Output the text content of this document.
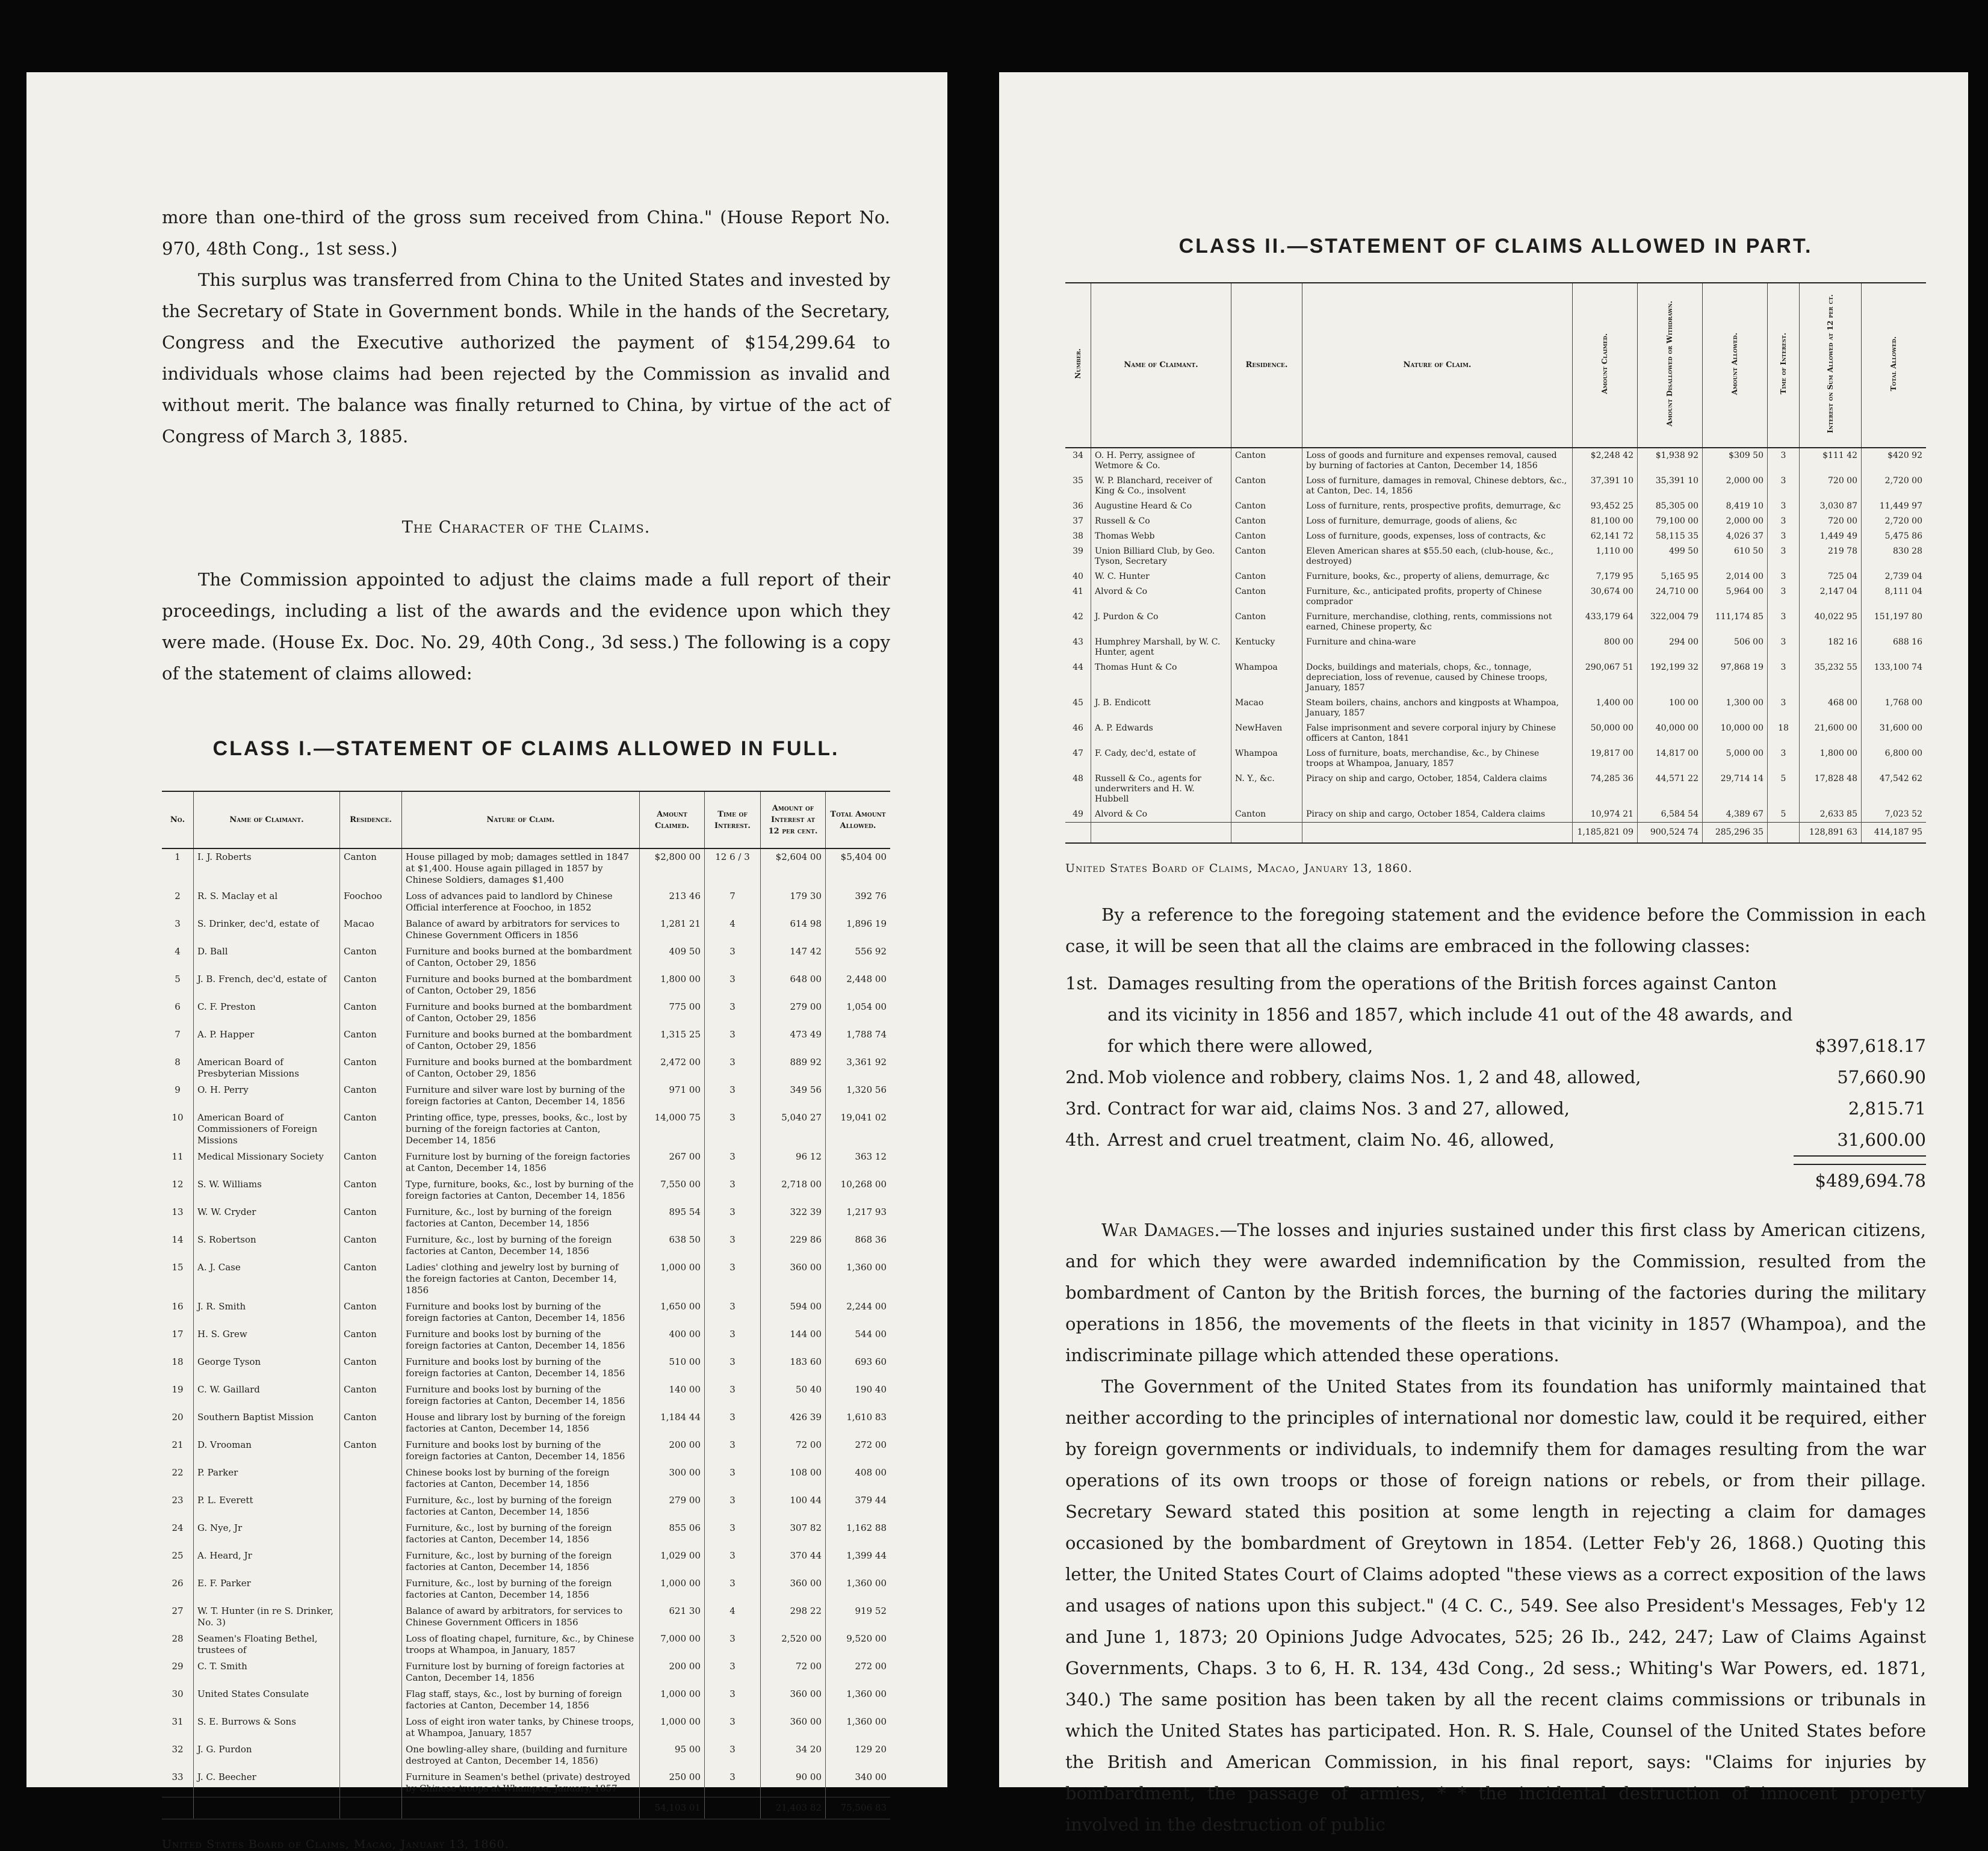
more than one-third of the gross sum received from China." (House Report No. 970, 48th Cong., 1st sess.)

This surplus was transferred from China to the United States and invested by the Secretary of State in Government bonds. While in the hands of the Secretary, Congress and the Executive authorized the payment of $154,299.64 to individuals whose claims had been rejected by the Commission as invalid and without merit. The balance was finally returned to China, by virtue of the act of Congress of March 3, 1885.

The Character of the Claims.

The Commission appointed to adjust the claims made a full report of their proceedings, including a list of the awards and the evidence upon which they were made. (House Ex. Doc. No. 29, 40th Cong., 3d sess.) The following is a copy of the statement of claims allowed:

CLASS I.—STATEMENT OF CLAIMS ALLOWED IN FULL.
No.	Name of Claimant.	Residence.	Nature of Claim.	Amount Claimed.	Time of Interest.	Amount of Interest at 12 per cent.	Total Amount Allowed.
1	I. J. Roberts	Canton	House pillaged by mob; damages settled in 1847 at $1,400. House again pillaged in 1857 by Chinese Soldiers, damages $1,400	$2,800 00	12 6 / 3	$2,604 00	$5,404 00
2	R. S. Maclay et al	Foochoo	Loss of advances paid to landlord by Chinese Official interference at Foochoo, in 1852	213 46	7	179 30	392 76
3	S. Drinker, dec'd, estate of	Macao	Balance of award by arbitrators for services to Chinese Government Officers in 1856	1,281 21	4	614 98	1,896 19
4	D. Ball	Canton	Furniture and books burned at the bombardment of Canton, October 29, 1856	409 50	3	147 42	556 92
5	J. B. French, dec'd, estate of	Canton	Furniture and books burned at the bombardment of Canton, October 29, 1856	1,800 00	3	648 00	2,448 00
6	C. F. Preston	Canton	Furniture and books burned at the bombardment of Canton, October 29, 1856	775 00	3	279 00	1,054 00
7	A. P. Happer	Canton	Furniture and books burned at the bombardment of Canton, October 29, 1856	1,315 25	3	473 49	1,788 74
8	American Board of Presbyterian Missions	Canton	Furniture and books burned at the bombardment of Canton, October 29, 1856	2,472 00	3	889 92	3,361 92
9	O. H. Perry	Canton	Furniture and silver ware lost by burning of the foreign factories at Canton, December 14, 1856	971 00	3	349 56	1,320 56
10	American Board of Commissioners of Foreign Missions	Canton	Printing office, type, presses, books, &c., lost by burning of the foreign factories at Canton, December 14, 1856	14,000 75	3	5,040 27	19,041 02
11	Medical Missionary Society	Canton	Furniture lost by burning of the foreign factories at Canton, December 14, 1856	267 00	3	96 12	363 12
12	S. W. Williams	Canton	Type, furniture, books, &c., lost by burning of the foreign factories at Canton, December 14, 1856	7,550 00	3	2,718 00	10,268 00
13	W. W. Cryder	Canton	Furniture, &c., lost by burning of the foreign factories at Canton, December 14, 1856	895 54	3	322 39	1,217 93
14	S. Robertson	Canton	Furniture, &c., lost by burning of the foreign factories at Canton, December 14, 1856	638 50	3	229 86	868 36
15	A. J. Case	Canton	Ladies' clothing and jewelry lost by burning of the foreign factories at Canton, December 14, 1856	1,000 00	3	360 00	1,360 00
16	J. R. Smith	Canton	Furniture and books lost by burning of the foreign factories at Canton, December 14, 1856	1,650 00	3	594 00	2,244 00
17	H. S. Grew	Canton	Furniture and books lost by burning of the foreign factories at Canton, December 14, 1856	400 00	3	144 00	544 00
18	George Tyson	Canton	Furniture and books lost by burning of the foreign factories at Canton, December 14, 1856	510 00	3	183 60	693 60
19	C. W. Gaillard	Canton	Furniture and books lost by burning of the foreign factories at Canton, December 14, 1856	140 00	3	50 40	190 40
20	Southern Baptist Mission	Canton	House and library lost by burning of the foreign factories at Canton, December 14, 1856	1,184 44	3	426 39	1,610 83
21	D. Vrooman	Canton	Furniture and books lost by burning of the foreign factories at Canton, December 14, 1856	200 00	3	72 00	272 00
22	P. Parker		Chinese books lost by burning of the foreign factories at Canton, December 14, 1856	300 00	3	108 00	408 00
23	P. L. Everett		Furniture, &c., lost by burning of the foreign factories at Canton, December 14, 1856	279 00	3	100 44	379 44
24	G. Nye, Jr		Furniture, &c., lost by burning of the foreign factories at Canton, December 14, 1856	855 06	3	307 82	1,162 88
25	A. Heard, Jr		Furniture, &c., lost by burning of the foreign factories at Canton, December 14, 1856	1,029 00	3	370 44	1,399 44
26	E. F. Parker		Furniture, &c., lost by burning of the foreign factories at Canton, December 14, 1856	1,000 00	3	360 00	1,360 00
27	W. T. Hunter (in re S. Drinker, No. 3)		Balance of award by arbitrators, for services to Chinese Government Officers in 1856	621 30	4	298 22	919 52
28	Seamen's Floating Bethel, trustees of		Loss of floating chapel, furniture, &c., by Chinese troops at Whampoa, in January, 1857	7,000 00	3	2,520 00	9,520 00
29	C. T. Smith		Furniture lost by burning of foreign factories at Canton, December 14, 1856	200 00	3	72 00	272 00
30	United States Consulate		Flag staff, stays, &c., lost by burning of foreign factories at Canton, December 14, 1856	1,000 00	3	360 00	1,360 00
31	S. E. Burrows & Sons		Loss of eight iron water tanks, by Chinese troops, at Whampoa, January, 1857	1,000 00	3	360 00	1,360 00
32	J. G. Purdon		One bowling-alley share, (building and furniture destroyed at Canton, December 14, 1856)	95 00	3	34 20	129 20
33	J. C. Beecher		Furniture in Seamen's bethel (private) destroyed by Chinese troops at Whampoa, January, 1857	250 00	3	90 00	340 00
				54,103 01		21,403 82	75,506 83
United States Board of Claims, Macao, January 13, 1860.
CLASS II.—STATEMENT OF CLAIMS ALLOWED IN PART.
Number.	Name of Claimant.	Residence.	Nature of Claim.	Amount Claimed.	Amount Disallowed or Withdrawn.	Amount Allowed.	Time of Interest.	Interest on Sum Allowed at 12 per ct.	Total Allowed.
34	O. H. Perry, assignee of Wetmore & Co.	Canton	Loss of goods and furniture and expenses removal, caused by burning of factories at Canton, December 14, 1856	$2,248 42	$1,938 92	$309 50	3	$111 42	$420 92
35	W. P. Blanchard, receiver of King & Co., insolvent	Canton	Loss of furniture, damages in removal, Chinese debtors, &c., at Canton, Dec. 14, 1856	37,391 10	35,391 10	2,000 00	3	720 00	2,720 00
36	Augustine Heard & Co	Canton	Loss of furniture, rents, prospective profits, demurrage, &c	93,452 25	85,305 00	8,419 10	3	3,030 87	11,449 97
37	Russell & Co	Canton	Loss of furniture, demurrage, goods of aliens, &c	81,100 00	79,100 00	2,000 00	3	720 00	2,720 00
38	Thomas Webb	Canton	Loss of furniture, goods, expenses, loss of contracts, &c	62,141 72	58,115 35	4,026 37	3	1,449 49	5,475 86
39	Union Billiard Club, by Geo. Tyson, Secretary	Canton	Eleven American shares at $55.50 each, (club-house, &c., destroyed)	1,110 00	499 50	610 50	3	219 78	830 28
40	W. C. Hunter	Canton	Furniture, books, &c., property of aliens, demurrage, &c	7,179 95	5,165 95	2,014 00	3	725 04	2,739 04
41	Alvord & Co	Canton	Furniture, &c., anticipated profits, property of Chinese comprador	30,674 00	24,710 00	5,964 00	3	2,147 04	8,111 04
42	J. Purdon & Co	Canton	Furniture, merchandise, clothing, rents, commissions not earned, Chinese property, &c	433,179 64	322,004 79	111,174 85	3	40,022 95	151,197 80
43	Humphrey Marshall, by W. C. Hunter, agent	Kentucky	Furniture and china-ware	800 00	294 00	506 00	3	182 16	688 16
44	Thomas Hunt & Co	Whampoa	Docks, buildings and materials, chops, &c., tonnage, depreciation, loss of revenue, caused by Chinese troops, January, 1857	290,067 51	192,199 32	97,868 19	3	35,232 55	133,100 74
45	J. B. Endicott	Macao	Steam boilers, chains, anchors and kingposts at Whampoa, January, 1857	1,400 00	100 00	1,300 00	3	468 00	1,768 00
46	A. P. Edwards	NewHaven	False imprisonment and severe corporal injury by Chinese officers at Canton, 1841	50,000 00	40,000 00	10,000 00	18	21,600 00	31,600 00
47	F. Cady, dec'd, estate of	Whampoa	Loss of furniture, boats, merchandise, &c., by Chinese troops at Whampoa, January, 1857	19,817 00	14,817 00	5,000 00	3	1,800 00	6,800 00
48	Russell & Co., agents for underwriters and H. W. Hubbell	N. Y., &c.	Piracy on ship and cargo, October, 1854, Caldera claims	74,285 36	44,571 22	29,714 14	5	17,828 48	47,542 62
49	Alvord & Co	Canton	Piracy on ship and cargo, October 1854, Caldera claims	10,974 21	6,584 54	4,389 67	5	2,633 85	7,023 52
				1,185,821 09	900,524 74	285,296 35		128,891 63	414,187 95
United States Board of Claims, Macao, January 13, 1860.

By a reference to the foregoing statement and the evidence before the Commission in each case, it will be seen that all the claims are embraced in the following classes:

1st. Damages resulting from the operations of the British forces against Canton and its vicinity in 1856 and 1857, which include 41 out of the 48 awards, and for which there were allowed,	$397,618.17
2nd. Mob violence and robbery, claims Nos. 1, 2 and 48, allowed,	57,660.90
3rd. Contract for war aid, claims Nos. 3 and 27, allowed,	2,815.71
4th. Arrest and cruel treatment, claim No. 46, allowed,	31,600.00
$489,694.78

War Damages.—The losses and injuries sustained under this first class by American citizens, and for which they were awarded indemnification by the Commission, resulted from the bombardment of Canton by the British forces, the burning of the factories during the military operations in 1856, the movements of the fleets in that vicinity in 1857 (Whampoa), and the indiscriminate pillage which attended these operations.

The Government of the United States from its foundation has uniformly maintained that neither according to the principles of international nor domestic law, could it be required, either by foreign governments or individuals, to indemnify them for damages resulting from the war operations of its own troops or those of foreign nations or rebels, or from their pillage. Secretary Seward stated this position at some length in rejecting a claim for damages occasioned by the bombardment of Greytown in 1854. (Letter Feb'y 26, 1868.) Quoting this letter, the United States Court of Claims adopted "these views as a correct exposition of the laws and usages of nations upon this subject." (4 C. C., 549. See also President's Messages, Feb'y 12 and June 1, 1873; 20 Opinions Judge Advocates, 525; 26 Ib., 242, 247; Law of Claims Against Governments, Chaps. 3 to 6, H. R. 134, 43d Cong., 2d sess.; Whiting's War Powers, ed. 1871, 340.) The same position has been taken by all the recent claims commissions or tribunals in which the United States has participated. Hon. R. S. Hale, Counsel of the United States before the British and American Commission, in his final report, says: "Claims for injuries by bombardment, the passage of armies, * * the incidental destruction of innocent property involved in the destruction of public
